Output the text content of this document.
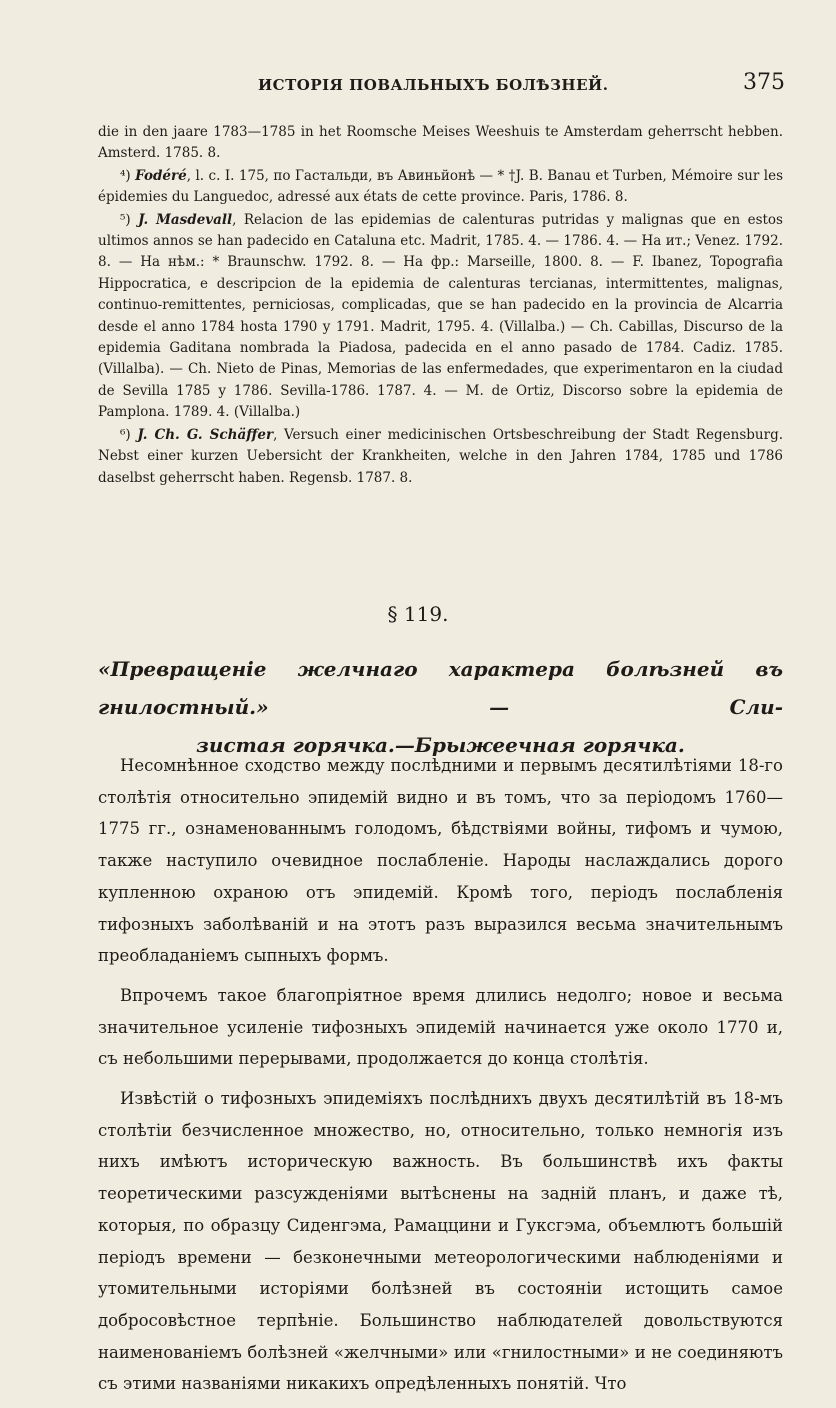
ИСТОРІЯ ПОВАЛЬНЫХЪ БОЛѢЗНЕЙ.	375

die in den jaare 1783—1785 in het Roomsche Meises Weeshuis te Amsterdam geherrscht hebben. Amsterd. 1785. 8.

⁴) Fodéré, l. c. I. 175, по Гастальди, въ Авиньйонѣ — * †J. B. Banau et Turben, Mémoire sur les épidemies du Languedoc, adressé aux états de cette province. Paris, 1786. 8.

⁵) J. Masdevall, Relacion de las epidemias de calenturas putridas y malignas que en estos ultimos annos se han padecido en Cataluna etc. Madrit, 1785. 4. — 1786. 4. — На ит.; Venez. 1792. 8. — На нѣм.: * Braunschw. 1792. 8. — На фр.: Marseille, 1800. 8. — F. Ibanez, Topografia Hippocratica, e descripcion de la epidemia de calenturas tercianas, intermittentes, malignas, continuo-remittentes, perniciosas, complicadas, que se han padecido en la provincia de Alcarria desde el anno 1784 hosta 1790 y 1791. Madrit, 1795. 4. (Villalba.) — Ch. Cabillas, Discurso de la epidemia Gaditana nombrada la Piadosa, padecida en el anno pasado de 1784. Cadiz. 1785. (Villalba). — Ch. Nieto de Pinas, Memorias de las enfermedades, que experimentaron en la ciudad de Sevilla 1785 y 1786. Sevilla-1786. 1787. 4. — M. de Ortiz, Discorso sobre la epidemia de Pamplona. 1789. 4. (Villalba.)

⁶) J. Ch. G. Schäffer, Versuch einer medicinischen Ortsbeschreibung der Stadt Regensburg. Nebst einer kurzen Uebersicht der Krankheiten, welche in den Jahren 1784, 1785 und 1786 daselbst geherrscht haben. Regensb. 1787. 8.

§ 119.
«Превращеніе желчнаго характера болѣзней въ гнилостный.» — Сли-
зистая горячка.—Брыжеечная горячка.

Несомнѣнное сходство между послѣдними и первымъ десятилѣтіями 18-го столѣтія относительно эпидемій видно и въ томъ, что за періодомъ 1760—1775 гг., ознаменованнымъ голодомъ, бѣдствіями войны, тифомъ и чумою, также наступило очевидное послабленіе. Народы наслаждались дорого купленною охраною отъ эпидемій. Кромѣ того, періодъ послабленія тифозныхъ заболѣваній и на этотъ разъ выразился весьма значительнымъ преобладаніемъ сыпныхъ формъ.

Впрочемъ такое благопріятное время длились недолго; новое и весьма значительное усиленіе тифозныхъ эпидемій начинается уже около 1770 и, съ небольшими перерывами, продолжается до конца столѣтія.

Извѣстій о тифозныхъ эпидеміяхъ послѣднихъ двухъ десятилѣтій въ 18-мъ столѣтіи безчисленное множество, но, относительно, только немногія изъ нихъ имѣютъ историческую важность. Въ большинствѣ ихъ факты теоретическими разсужденіями вытѣснены на задній планъ, и даже тѣ, которыя, по образцу Сиденгэма, Рамаццини и Гуксгэма, объемлютъ большій періодъ времени — безконечными метеорологическими наблюденіями и утомительными исторіями болѣзней въ состояніи истощить самое добросовѣстное терпѣніе. Большинство наблюдателей довольствуются наименованіемъ болѣзней «желчными» или «гнилостными» и не соединяютъ съ этими названіями никакихъ опредѣленныхъ понятій. Что
